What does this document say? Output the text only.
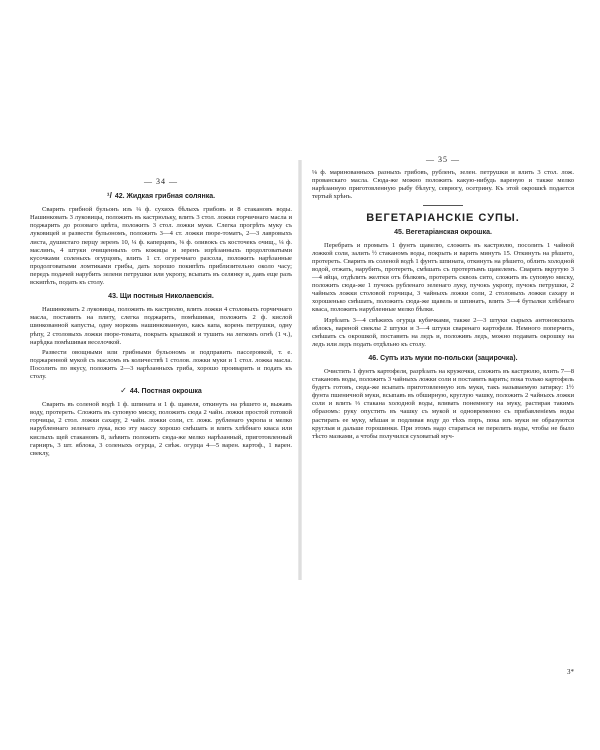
— 34 —
¹/ 42. Жидкая грибная солянка.

Сварить грибной бульонъ изъ ¼ ф. сухихъ бѣлыхъ грибовъ и 8 стакановъ воды. Нашинковать 3 луковицы, положить въ кастрюльку, влить 3 стол. ложки горчичнаго масла и поджарить до розоваго цвѣта, положить 3 стол. ложки муки. Слегка прогрѣть муку съ луковицей и развести бульономъ, положить 3—4 ст. ложки пюре-томатъ, 2—3 лавровыхъ листа, душистаго перцу зеренъ 10, ¼ ф. каперцевъ, ⅛ ф. оливокъ съ косточекъ очищ., ¼ ф. маслинъ, 4 штуки очищенныхъ отъ кожицы и зеренъ изрѣзанныхъ продолговатыми кусочками соленыхъ огурцовъ, влить 1 ст. огуречнаго разсола, положить нарѣзанные продолговатыми ломтиками грибы, дать хорошо покипѣть приблизительно около часу; передъ подачей нарубить зелени петрушки или укропу, всыпать въ селянку и, давъ еще разъ вскипѣть, подать къ столу.

43. Щи постныя Николаевскія.

Нашинковать 2 луковицы, положить въ кастрюлю, влить ложки 4 столовыхъ горчичнаго масла, поставить на плиту, слегка поджарить, помѣшивая, положить 2 ф. кислой шинкованной капусты, одну морковь нашинкованную, какъ капа, корень петрушки, одну рѣпу, 2 столовыхъ ложки пюре-томата, покрыть крышкой и тушить на легкомъ огнѣ (1 ч.), нарѣдка помѣшивая веселочкой.

Развести овощными или грибными бульономъ и подправить пассеровкой, т. е. поджаренной мукой съ масломъ въ количествѣ 1 столов. ложки муки и 1 стол. ложка масла. Посолить по вкусу, положить 2—3 нарѣзанныхъ гриба, хорошо проиварить и подать къ столу.

✓ 44. Постная окрошка

Сварить въ соленой водѣ 1 ф. шпината и 1 ф. щавеля, откинуть на рѣшето и, выжавъ воду, протереть. Сложить въ суповую миску, положить сюда 2 чайн. ложки простой готовой горчицы, 2 стол. ложки сахару, 2 чайн. ложки соли, ст. ложк. рубленаго укропа и мелко нарубленнаго зеленаго лука, всю эту массу хорошо смѣшать и влить хлѣбнаго кваса или кислыхъ щей стакановъ 8, заѣвить положить сюда-же мелко нарѣзанный, приготовленный гарниръ, 3 шт. яблока, 3 соленыхъ огурца, 2 свѣж. огурца 4—5 варен. картоф., 1 варен. свеклу,

— 35 —

⅛ ф. маринованныхъ разныхъ грибовъ, рубленъ, зелен. петрушки и влить 3 стол. лож. прованскаго масла. Сюда-же можно положить какую-нибудь вареную и также мелко нарѣзанную приготовленную рыбу бѣлугу, севрюгу, осетрину. Къ этой окрошкѣ подается тертый хрѣнъ.

ВЕГЕТАРІАНСКІЕ СУПЫ.
45. Вегетаріанская окрошка.

Перебрать и промыть 1 фунтъ щавелю, сложить въ кастрюлю, посолить 1 чайной ложкой соли, залить ½ стаканомъ воды, покрыть и варить минутъ 15. Откинуть на рѣшето, протереть. Сварить въ соленой водѣ 1 фунтъ шпината, откинуть на рѣшето, облить холодной водой, отжать, нарубить, протереть, смѣшать съ протертымъ щавелемъ. Сварить вкрутую 3—4 яйца, отдѣлить желтки отъ бѣлковъ, протереть сквозь сито, сложить въ суповую миску, положить сюда-же 1 пучокъ рубленаго зеленаго луку, пучокъ укропу, пучокъ петрушки, 2 чайныхъ ложки столовой горчицы, 3 чайныхъ ложки соли, 2 столовыхъ ложки сахару и хорошенько смѣшать, положить сюда-же щавель и шпинатъ, влить 3—4 бутылки хлѣбнаго кваса, положить нарубленные мелко бѣлки.

Изрѣзать 3—4 свѣжихъ огурца кубичками, также 2—3 штуки сырыхъ антоновскихъ яблокъ, вареной свеклы 2 штуки и 3—4 штуки сваренаго картофеля. Немного поперчить, смѣшать съ окрошкой, поставить на ледъ и, положивъ ледъ, можно подавать окрошку на ледъ или ледъ подать отдѣльно къ столу.

46. Супъ изъ муки по-польски (зацирочка).

Очистить 1 фунтъ картофеля, разрѣзать на кружочки, сложить въ кастрюлю, влить 7—8 стакановъ воды, положить 3 чайныхъ ложки соли и поставить варить; пока только картофель будетъ готовъ, сюда-же всыпать приготовленную изъ муки, такъ называемую затирку: 1½ фунта пшеничной муки, всыпавъ въ обширную, круглую чашку, положить 2 чайныхъ ложки соли и влить ⅓ стакана холодной воды, вливать понемногу на муку, растирая такимъ образомъ: руку опустить въ чашку съ мукой и одновременно съ прибавленіемъ воды растирать ее муку, мѣшая и подливая воду до тѣхъ поръ, пока изъ муки не образуются круглыя и дальше горошинки. При этомъ надо стараться не перелить воды, чтобы не было тѣсто мазками, а чтобы получился суховатый муч-

3*
